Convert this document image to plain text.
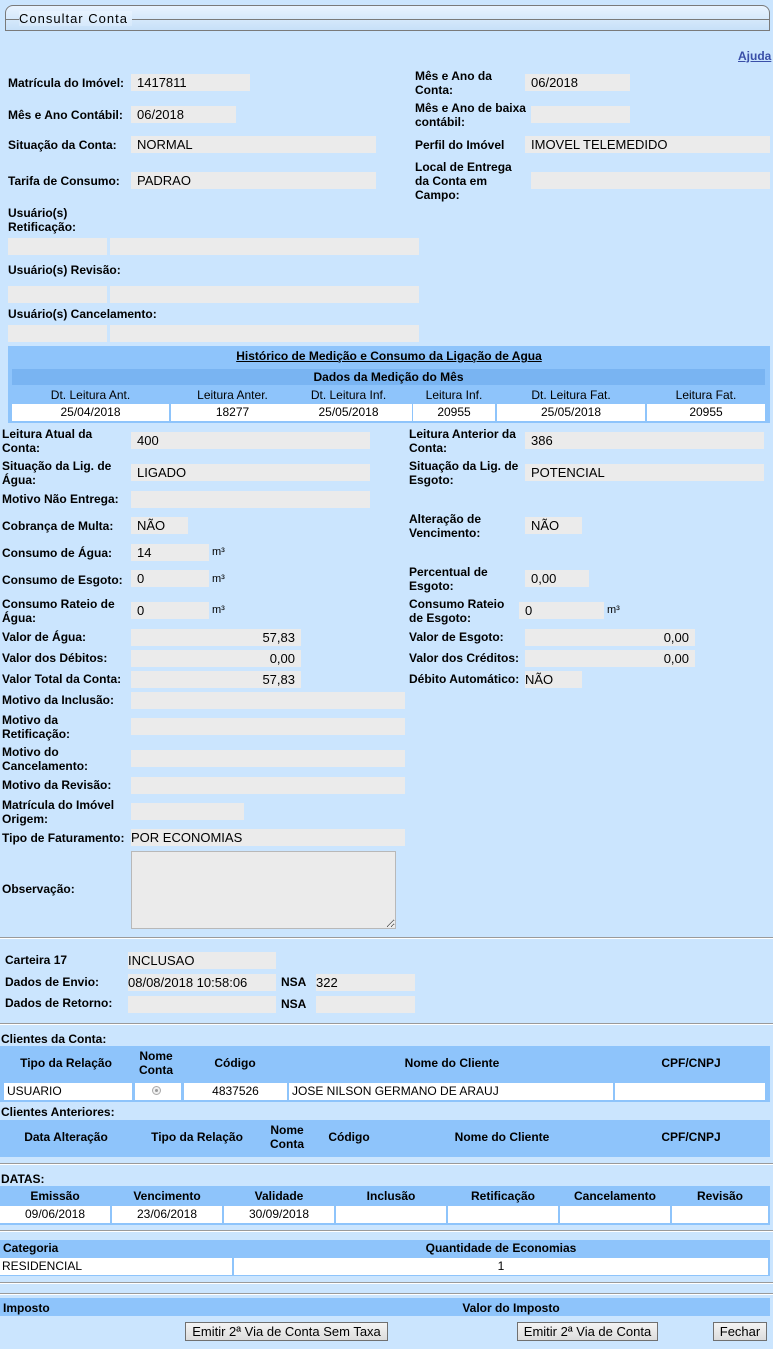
Consultar Conta
Ajuda
Matrícula do Imóvel: 1417811	Mês e Ano da Conta:	06/2018
Mês e Ano Contábil:	06/2018	Mês e Ano de baixa contábil:
Situação da Conta:	NORMAL	Perfil do Imóvel	IMOVEL TELEMEDIDO
Tarifa de Consumo:	PADRAO
Local de Entrega da Conta em Campo:
Usuário(s) Retificação:
Usuário(s) Revisão:
Usuário(s) Cancelamento:
Histórico de Medição e Consumo da Ligação de Agua
Dados da Medição do Mês
Dt. Leitura Ant.	Leitura Anter.	Dt. Leitura Inf.	Leitura Inf.	Dt. Leitura Fat.	Leitura Fat.
25/04/2018	18277	25/05/2018	20955	25/05/2018	20955
Leitura Atual da Conta:	400	Leitura Anterior da Conta:	386
Situação da Lig. de Água:	LIGADO	Situação da Lig. de Esgoto:	POTENCIAL
Motivo Não Entrega:
Cobrança de Multa:	NÃO	Alteração de Vencimento:	NÃO
Consumo de Água:	14	m³
Consumo de Esgoto:	0	m³	Percentual de Esgoto:	0,00
Consumo Rateio de Água:	0	m³	Consumo Rateio de Esgoto:	0	m³
Valor de Água:	57,83	Valor de Esgoto:	0,00
Valor dos Débitos:	0,00	Valor dos Créditos:	0,00
Valor Total da Conta:	57,83	Débito Automático: NÃO
Motivo da Inclusão:
Motivo da Retificação:
Motivo do Cancelamento:
Motivo da Revisão:
Matrícula do Imóvel Origem:
Tipo de Faturamento: POR ECONOMIAS
Observação:
Carteira 17	INCLUSAO
Dados de Envio: 08/08/2018 10:58:06	NSA 322
Dados de Retorno:	NSA
Clientes da Conta:
Tipo da Relação	Nome Conta	Código	Nome do Cliente	CPF/CNPJ
USUARIO	4837526	JOSE NILSON GERMANO DE ARAUJ
Clientes Anteriores:
Data Alteração	Tipo da Relação	Nome Conta	Código	Nome do Cliente	CPF/CNPJ
DATAS:
Emissão	Vencimento	Validade	Inclusão	Retificação	Cancelamento	Revisão
09/06/2018	23/06/2018	30/09/2018
Categoria	Quantidade de Economias
RESIDENCIAL	1
Imposto	Valor do Imposto
Emitir 2ª Via de Conta Sem Taxa	Emitir 2ª Via de Conta	Fechar
